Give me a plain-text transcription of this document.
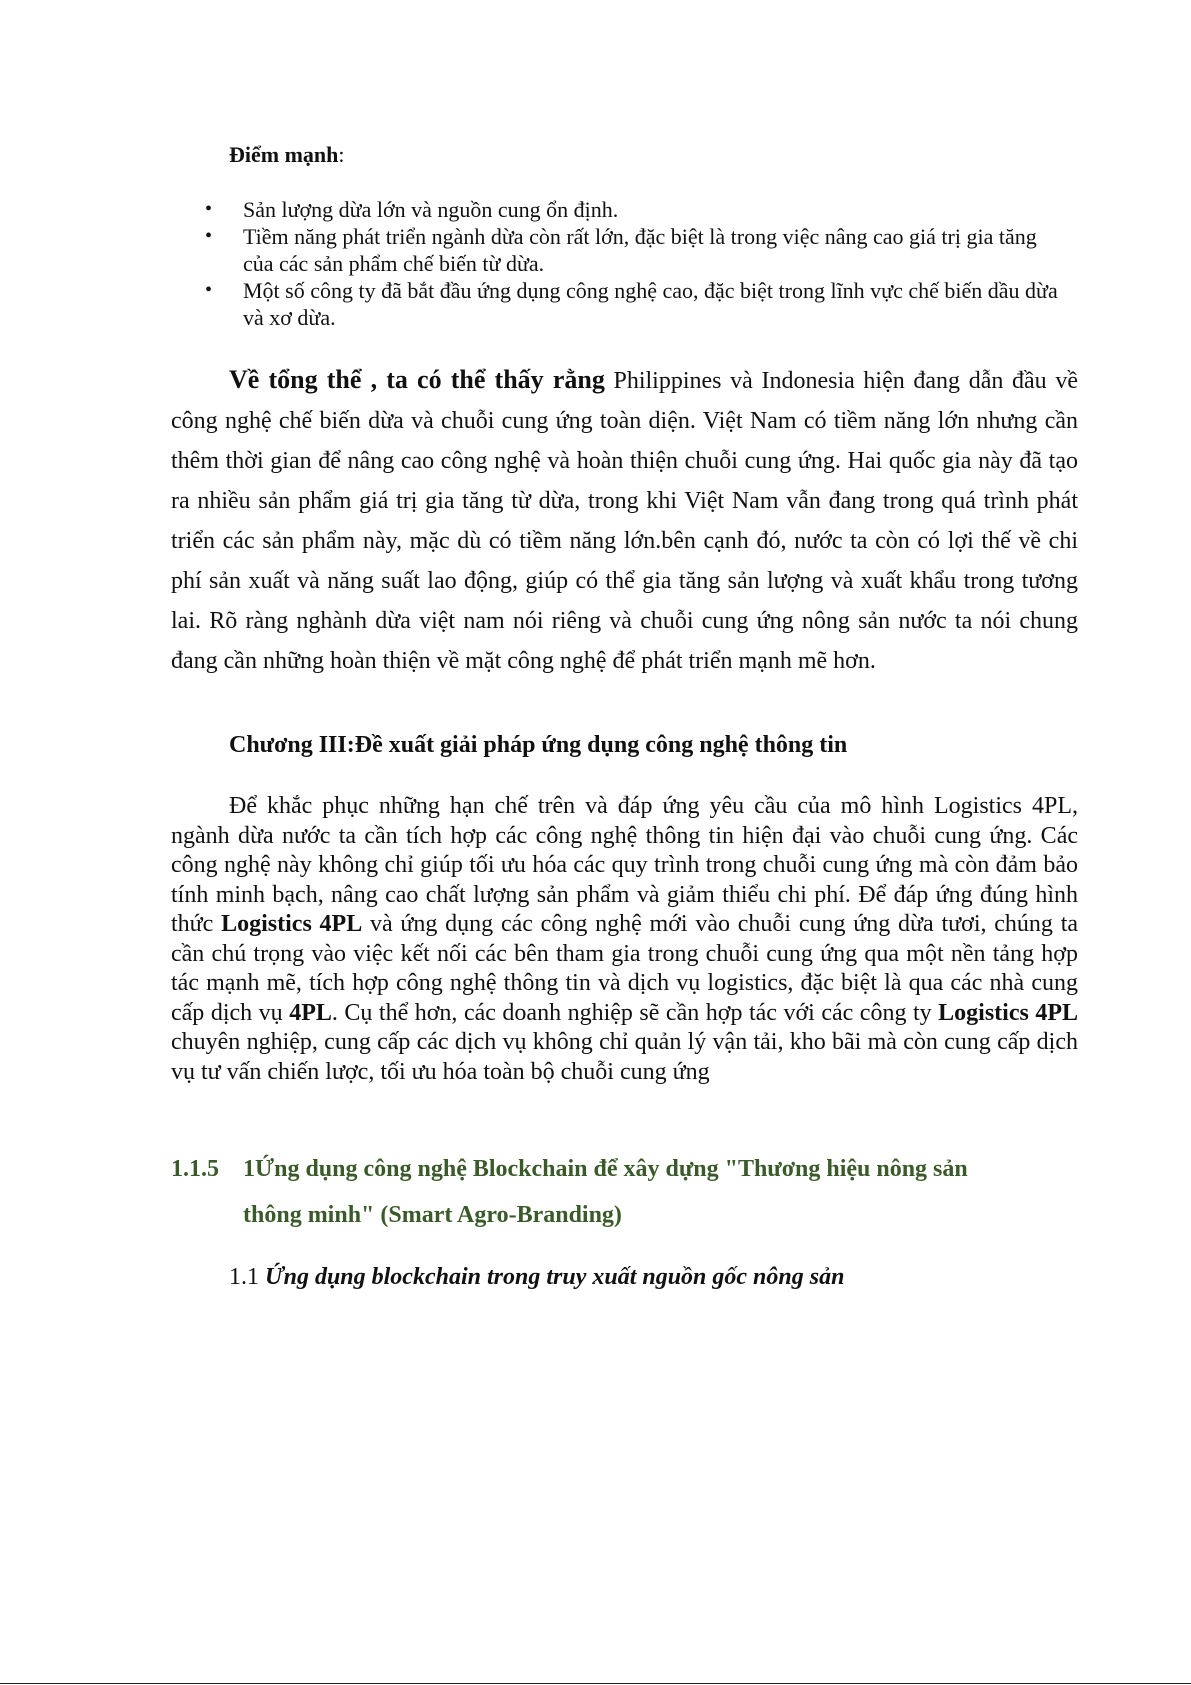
Điểm mạnh:
• Sản lượng dừa lớn và nguồn cung ổn định.
• Tiềm năng phát triển ngành dừa còn rất lớn, đặc biệt là trong việc nâng cao giá trị gia tăng của các sản phẩm chế biến từ dừa.
• Một số công ty đã bắt đầu ứng dụng công nghệ cao, đặc biệt trong lĩnh vực chế biến dầu dừa và xơ dừa.
Về tổng thể , ta có thể thấy rằng Philippines và Indonesia hiện đang dẫn đầu về công nghệ chế biến dừa và chuỗi cung ứng toàn diện. Việt Nam có tiềm năng lớn nhưng cần thêm thời gian để nâng cao công nghệ và hoàn thiện chuỗi cung ứng. Hai quốc gia này đã tạo ra nhiều sản phẩm giá trị gia tăng từ dừa, trong khi Việt Nam vẫn đang trong quá trình phát triển các sản phẩm này, mặc dù có tiềm năng lớn.bên cạnh đó, nước ta còn có lợi thế về chi phí sản xuất và năng suất lao động, giúp có thể gia tăng sản lượng và xuất khẩu trong tương lai. Rõ ràng nghành dừa việt nam nói riêng và chuỗi cung ứng nông sản nước ta nói chung đang cần những hoàn thiện về mặt công nghệ để phát triển mạnh mẽ hơn.
Chương III:Đề xuất giải pháp ứng dụng công nghệ thông tin
Để khắc phục những hạn chế trên và đáp ứng yêu cầu của mô hình Logistics 4PL, ngành dừa nước ta cần tích hợp các công nghệ thông tin hiện đại vào chuỗi cung ứng. Các công nghệ này không chỉ giúp tối ưu hóa các quy trình trong chuỗi cung ứng mà còn đảm bảo tính minh bạch, nâng cao chất lượng sản phẩm và giảm thiểu chi phí. Để đáp ứng đúng hình thức Logistics 4PL và ứng dụng các công nghệ mới vào chuỗi cung ứng dừa tươi, chúng ta cần chú trọng vào việc kết nối các bên tham gia trong chuỗi cung ứng qua một nền tảng hợp tác mạnh mẽ, tích hợp công nghệ thông tin và dịch vụ logistics, đặc biệt là qua các nhà cung cấp dịch vụ 4PL. Cụ thể hơn, các doanh nghiệp sẽ cần hợp tác với các công ty Logistics 4PL chuyên nghiệp, cung cấp các dịch vụ không chỉ quản lý vận tải, kho bãi mà còn cung cấp dịch vụ tư vấn chiến lược, tối ưu hóa toàn bộ chuỗi cung ứng
1.1.5 1Ứng dụng công nghệ Blockchain để xây dựng "Thương hiệu nông sản
thông minh" (Smart Agro-Branding)
1.1 Ứng dụng blockchain trong truy xuất nguồn gốc nông sản
